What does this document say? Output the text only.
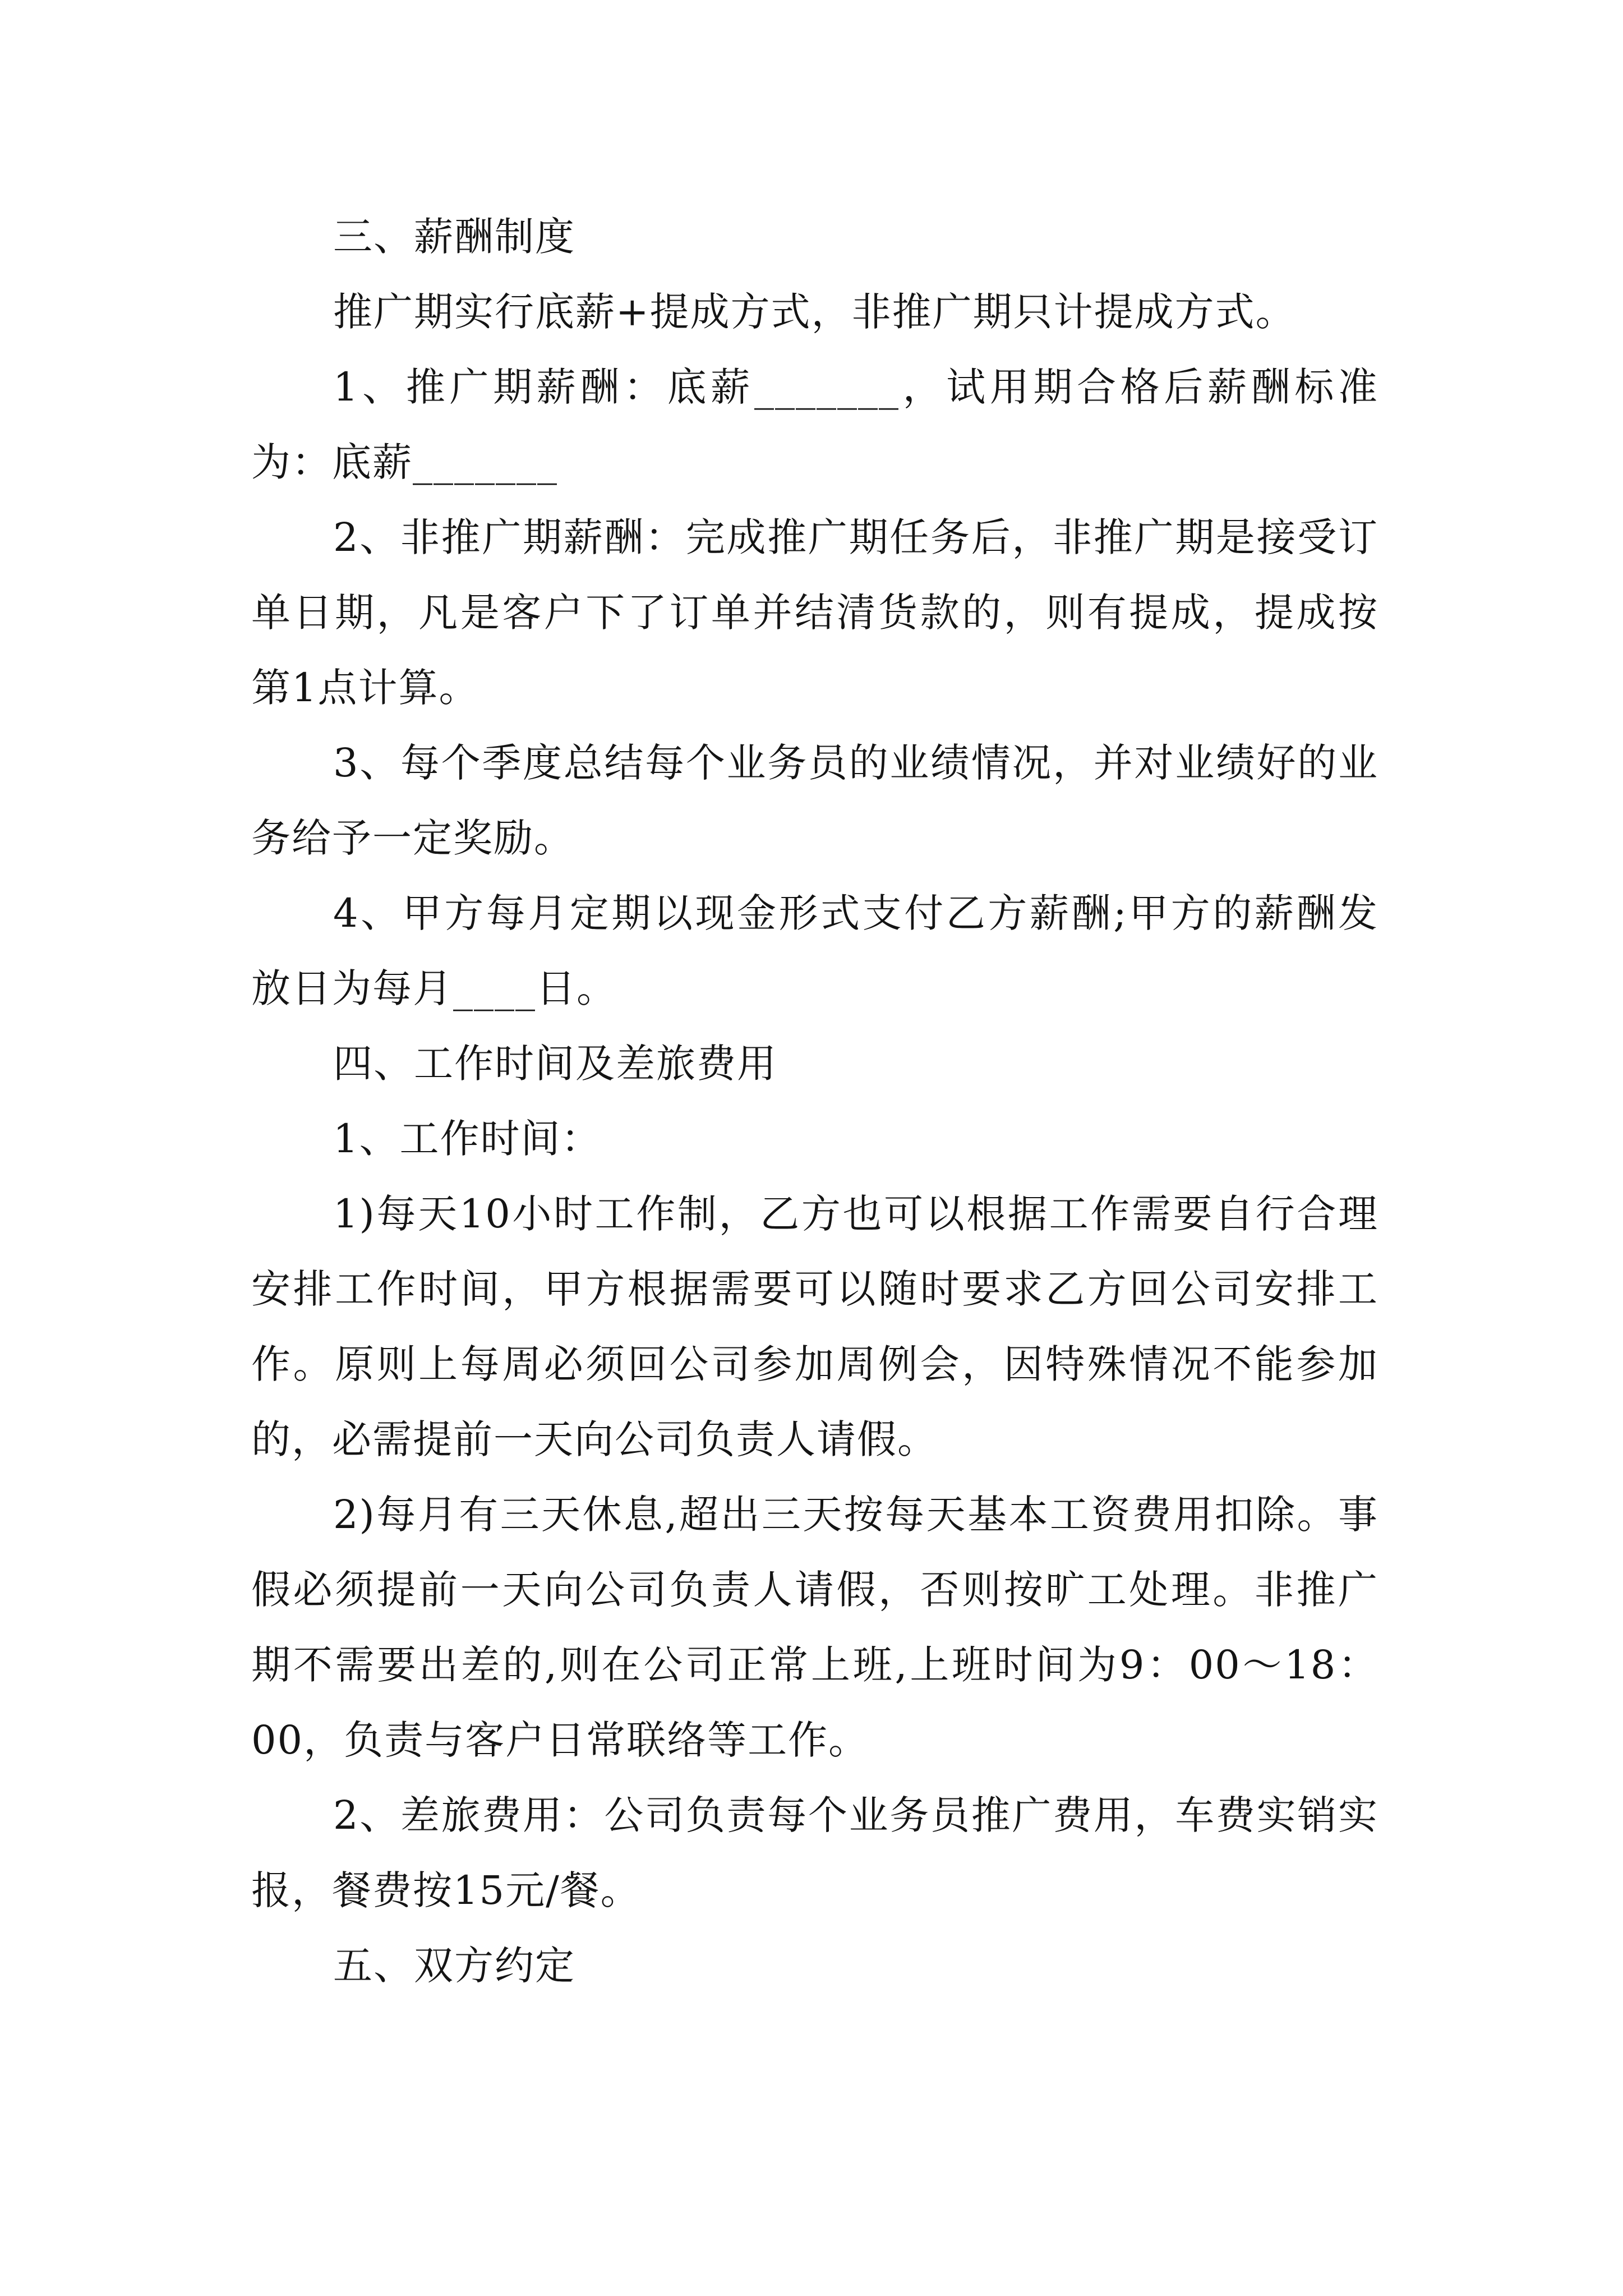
三、薪酬制度

推广期实行底薪+提成方式，非推广期只计提成方式。

1、推广期薪酬：底薪_______，试用期合格后薪酬标准为：底薪_______

2、非推广期薪酬：完成推广期任务后，非推广期是接受订单日期，凡是客户下了订单并结清货款的，则有提成，提成按第1点计算。

3、每个季度总结每个业务员的业绩情况，并对业绩好的业务给予一定奖励。

4、甲方每月定期以现金形式支付乙方薪酬;甲方的薪酬发放日为每月____日。

四、工作时间及差旅费用

1、工作时间：

1)每天10小时工作制，乙方也可以根据工作需要自行合理安排工作时间，甲方根据需要可以随时要求乙方回公司安排工作。原则上每周必须回公司参加周例会，因特殊情况不能参加的，必需提前一天向公司负责人请假。

2)每月有三天休息,超出三天按每天基本工资费用扣除。事假必须提前一天向公司负责人请假，否则按旷工处理。非推广期不需要出差的,则在公司正常上班,上班时间为9：00～18：00，负责与客户日常联络等工作。

2、差旅费用：公司负责每个业务员推广费用，车费实销实报，餐费按15元/餐。

五、双方约定
